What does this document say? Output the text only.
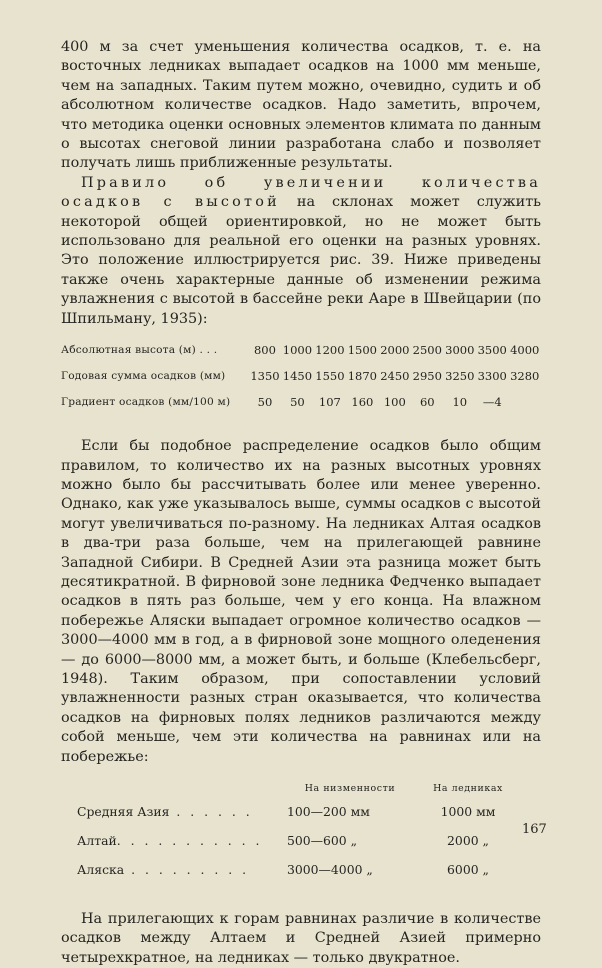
400 м за счет уменьшения количества осадков, т. е. на восточных ледниках выпадает осадков на 1000 мм меньше, чем на западных. Таким путем можно, очевидно, судить и об абсолютном количестве осадков. Надо заметить, впрочем, что методика оценки основных элементов климата по данным о высотах снеговой линии разработана слабо и позволяет получать лишь приближенные результаты.

Правило об увеличении количества осадков с высотой на склонах может служить некоторой общей ориентировкой, но не может быть использовано для реальной его оценки на разных уровнях. Это положение иллюстрируется рис. 39. Ниже приведены также очень характерные данные об изменении режима увлажнения с высотой в бассейне реки Ааре в Швейцарии (по Шпильману, 1935):

Абсолютная высота (м) . . .	800	1000	1200	1500	2000	2500	3000	3500	4000
Годовая сумма осадков (мм)	1350	1450	1550	1870	2450	2950	3250	3300	3280
Градиент осадков (мм/100 м)	50	50	107	160	100	60	10	—4	

Если бы подобное распределение осадков было общим правилом, то количество их на разных высотных уровнях можно было бы рассчитывать более или менее уверенно. Однако, как уже указывалось выше, суммы осадков с высотой могут увеличиваться по-разному. На ледниках Алтая осадков в два-три раза больше, чем на прилегающей равнине Западной Сибири. В Средней Азии эта разница может быть десятикратной. В фирновой зоне ледника Федченко выпадает осадков в пять раз больше, чем у его конца. На влажном побережье Аляски выпадает огромное количество осадков — 3000—4000 мм в год, а в фирновой зоне мощного оледенения — до 6000—8000 мм, а может быть, и больше (Клебельсберг, 1948). Таким образом, при сопоставлении условий увлажненности разных стран оказывается, что количества осадков на фирновых полях ледников различаются между собой меньше, чем эти количества на равнинах или на побережье:

	На низменности	На ледниках
Средняя Азия . . . . . .	100—200 мм	1000 мм
Алтай. . . . . . . . . . .	500—600 „	2000 „
Аляска . . . . . . . . .	3000—4000 „	6000 „

На прилегающих к горам равнинах различие в количестве осадков между Алтаем и Средней Азией примерно четырехкратное, на ледниках — только двукратное.

167
